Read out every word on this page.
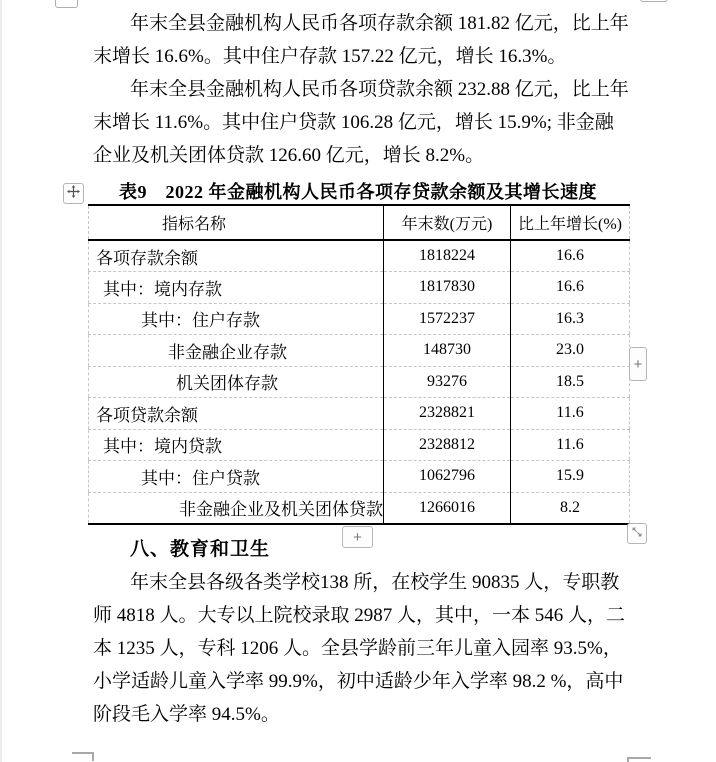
年末全县金融机构人民币各项存款余额 181.82 亿元，比上年
末增长 16.6%。其中住户存款 157.22 亿元，增长 16.3%。
年末全县金融机构人民币各项贷款余额 232.88 亿元，比上年
末增长 11.6%。其中住户贷款 106.28 亿元，增长 15.9%; 非金融
企业及机关团体贷款 126.60 亿元，增长 8.2%。
表9　2022 年金融机构人民币各项存贷款余额及其增长速度
指标名称	年末数(万元)	比上年增长(%)
各项存款余额	1818224	16.6
其中：境内存款	1817830	16.6
其中：住户存款	1572237	16.3
非金融企业存款	148730	23.0
机关团体存款	93276	18.5
各项贷款余额	2328821	11.6
其中：境内贷款	2328812	11.6
其中：住户贷款	1062796	15.9
非金融企业及机关团体贷款	1266016	8.2
+
+
八、教育和卫生
年末全县各级各类学校138 所，在校学生 90835 人，专职教
师 4818 人。大专以上院校录取 2987 人，其中，一本 546 人，二
本 1235 人，专科 1206 人。全县学龄前三年儿童入园率 93.5%，
小学适龄儿童入学率 99.9%，初中适龄少年入学率 98.2 %，高中
阶段毛入学率 94.5%。
